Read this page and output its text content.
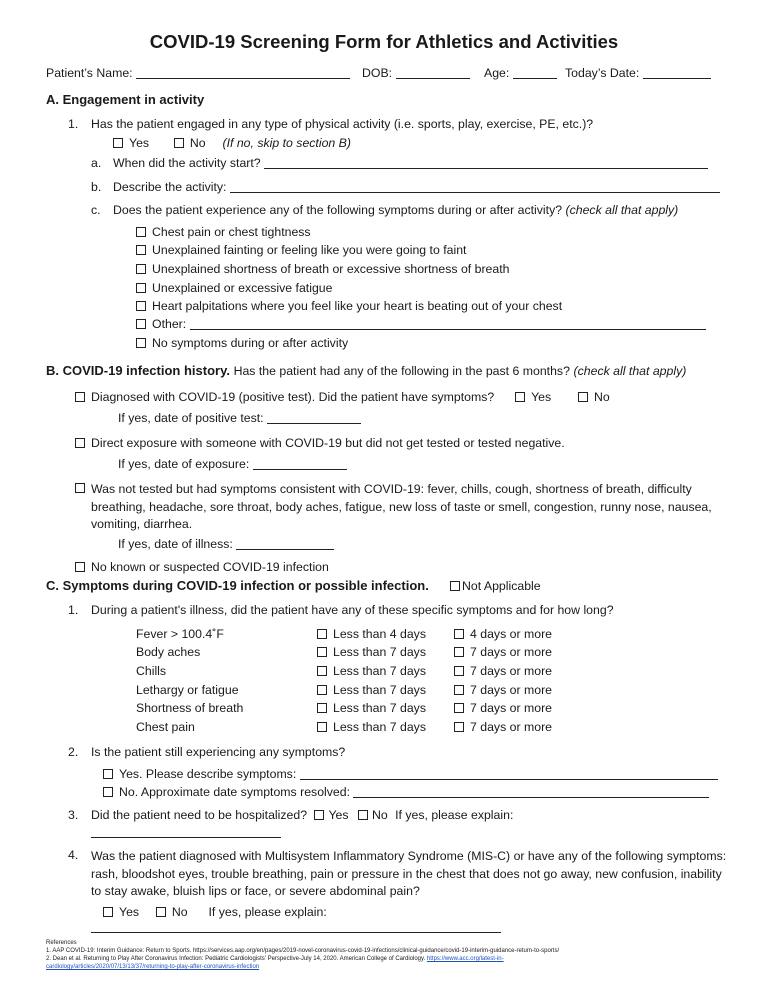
COVID-19 Screening Form for Athletics and Activities
Patient’s Name:	DOB:	Age:	Today’s Date:
A. Engagement in activity
1. Has the patient engaged in any type of physical activity (i.e. sports, play, exercise, PE, etc.)?
Yes	No (If no, skip to section B)
a. When did the activity start?
b. Describe the activity:
c. Does the patient experience any of the following symptoms during or after activity? (check all that apply)
Chest pain or chest tightness
Unexplained fainting or feeling like you were going to faint
Unexplained shortness of breath or excessive shortness of breath
Unexplained or excessive fatigue
Heart palpitations where you feel like your heart is beating out of your chest
Other:
No symptoms during or after activity
B. COVID-19 infection history. Has the patient had any of the following in the past 6 months? (check all that apply)
Diagnosed with COVID-19 (positive test). Did the patient have symptoms?	Yes	No
If yes, date of positive test:
Direct exposure with someone with COVID-19 but did not get tested or tested negative.
If yes, date of exposure:
Was not tested but had symptoms consistent with COVID-19: fever, chills, cough, shortness of breath, difficulty breathing, headache, sore throat, body aches, fatigue, new loss of taste or smell, congestion, runny nose, nausea, vomiting, diarrhea.
If yes, date of illness:
No known or suspected COVID-19 infection
C. Symptoms during COVID-19 infection or possible infection.	Not Applicable
1. During a patient's illness, did the patient have any of these specific symptoms and for how long?
Fever > 100.4˚F	Less than 4 days	4 days or more
Body aches	Less than 7 days	7 days or more
Chills	Less than 7 days	7 days or more
Lethargy or fatigue	Less than 7 days	7 days or more
Shortness of breath	Less than 7 days	7 days or more
Chest pain	Less than 7 days	7 days or more
2. Is the patient still experiencing any symptoms?
Yes. Please describe symptoms:
No. Approximate date symptoms resolved:
3. Did the patient need to be hospitalized? Yes No If yes, please explain:
4. Was the patient diagnosed with Multisystem Inflammatory Syndrome (MIS-C) or have any of the following symptoms: rash, bloodshot eyes, trouble breathing, pain or pressure in the chest that does not go away, new confusion, inability to stay awake, bluish lips or face, or severe abdominal pain?
Yes	No If yes, please explain:
References
1. AAP COVID-19: Interim Guidance: Return to Sports. https://services.aap.org/en/pages/2019-novel-coronavirus-covid-19-infections/clinical-guidance/covid-19-interim-guidance-return-to-sports/
2. Dean et al. Returning to Play After Coronavirus Infection: Pediatric Cardiologists' Perspective-July 14, 2020. American College of Cardiology. https://www.acc.org/latest-in-
cardiology/articles/2020/07/13/13/37/returning-to-play-after-coronavirus-infection
